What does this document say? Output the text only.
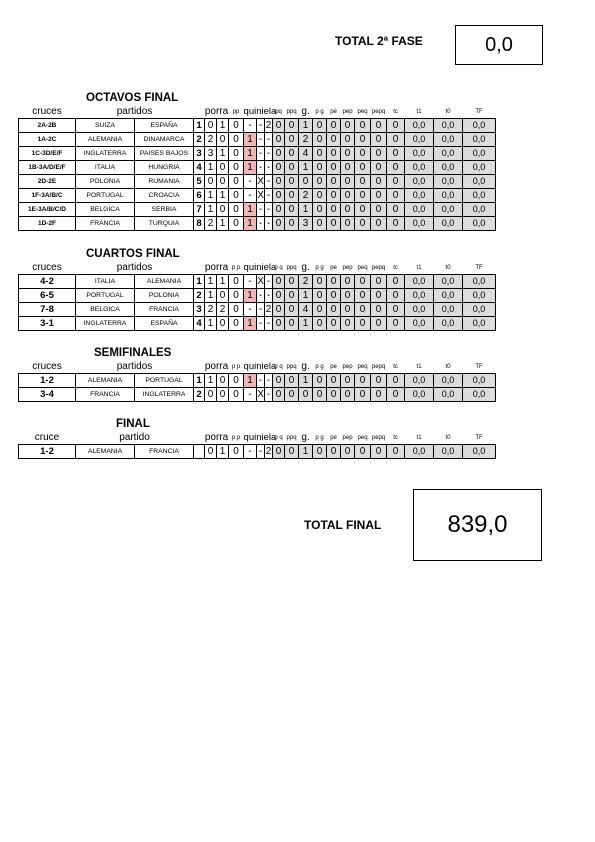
TOTAL 2ª FASE	0,0
OCTAVOS FINAL
cruces	partidos			porra		pp	quiniela			pq	ppq	g.	p g	pe	pep	peq	pepq	tc	t1	t0	TF
2A-2B	SUIZA	ESPAÑA	1	0	1	0	-	-	2	0	0	1	0	0	0	0	0	0	0,0	0,0	0,0
1A-2C	ALEMANIA	DINAMARCA	2	2	0	0	1	-	-	0	0	2	0	0	0	0	0	0	0,0	0,0	0,0
1C-3D/E/F	INGLATERRA	PAISES BAJOS	3	3	1	0	1	-	-	0	0	4	0	0	0	0	0	0	0,0	0,0	0,0
1B-3A/D/E/F	ITALIA	HUNGRIA	4	1	0	0	1	-	-	0	0	1	0	0	0	0	0	0	0,0	0,0	0,0
2D-2E	POLONIA	RUMANIA	5	0	0	0	-	X	-	0	0	0	0	0	0	0	0	0	0,0	0,0	0,0
1F-3A/B/C	PORTUGAL	CROACIA	6	1	1	0	-	X	-	0	0	2	0	0	0	0	0	0	0,0	0,0	0,0
1E-3A/B/C/D	BELGICA	SERBIA	7	1	0	0	1	-	-	0	0	1	0	0	0	0	0	0	0,0	0,0	0,0
1D-2F	FRANCIA	TURQUIA	8	2	1	0	1	-	-	0	0	3	0	0	0	0	0	0	0,0	0,0	0,0
CUARTOS FINAL
cruces	partidos			porra		p p	quiniela			p q	ppq	g.	p g	pe	pep	peq	pepq	tc	t1	t0	TF
4-2	ITALIA	ALEMANIA	1	1	1	0	-	X	-	0	0	2	0	0	0	0	0	0	0,0	0,0	0,0
6-5	PORTUGAL	POLONIA	2	1	0	0	1	-	-	0	0	1	0	0	0	0	0	0	0,0	0,0	0,0
7-8	BELGICA	FRANCIA	3	2	2	0	-	-	2	0	0	4	0	0	0	0	0	0	0,0	0,0	0,0
3-1	INGLATERRA	ESPAÑA	4	1	0	0	1	-	-	0	0	1	0	0	0	0	0	0	0,0	0,0	0,0
SEMIFINALES
cruces	partidos			porra		p p	quiniela			p q	ppq	g.	p g	pe	pep	peq	pepq	tc	t1	t0	TF
1-2	ALEMANIA	PORTUGAL	1	1	0	0	1	-	-	0	0	1	0	0	0	0	0	0	0,0	0,0	0,0
3-4	FRANCIA	INGLATERRA	2	0	0	0	-	X	-	0	0	0	0	0	0	0	0	0	0,0	0,0	0,0
FINAL
cruce	partido			porra		p p	quiniela			p q	ppq	g.	p g	pe	pep	peq	pepq	tc	t1	t0	TF
1-2	ALEMANIA	FRANCIA		0	1	0	-	-	2	0	0	1	0	0	0	0	0	0	0,0	0,0	0,0
TOTAL FINAL	839,0
